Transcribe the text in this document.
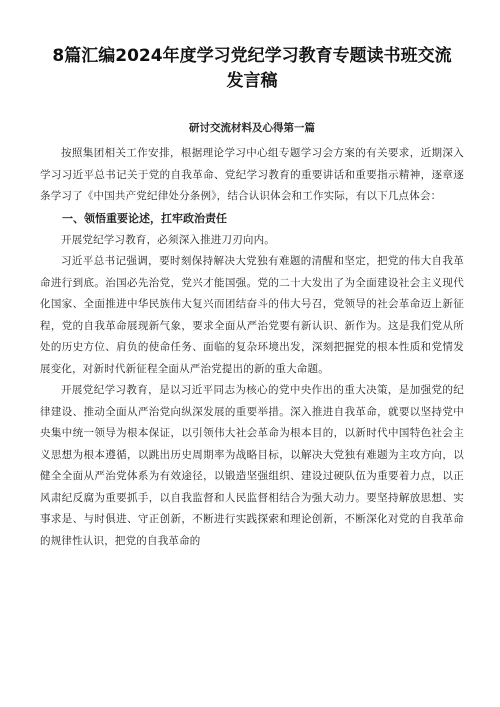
8篇汇编2024年度学习党纪学习教育专题读书班交流
发言稿

研讨交流材料及心得第一篇

按照集团相关工作安排，根据理论学习中心组专题学习会方案的有关要求，近期深入学习习近平总书记关于党的自我革命、党纪学习教育的重要讲话和重要指示精神，逐章逐条学习了《中国共产党纪律处分条例》，结合认识体会和工作实际，有以下几点体会：

一、领悟重要论述，扛牢政治责任

开展党纪学习教育，必须深入推进刀刃向内。

习近平总书记强调，要时刻保持解决大党独有难题的清醒和坚定，把党的伟大自我革命进行到底。治国必先治党，党兴才能国强。党的二十大发出了为全面建设社会主义现代化国家、全面推进中华民族伟大复兴而团结奋斗的伟大号召，党领导的社会革命迈上新征程，党的自我革命展现新气象，要求全面从严治党要有新认识、新作为。这是我们党从所处的历史方位、肩负的使命任务、面临的复杂环境出发，深刻把握党的根本性质和党情发展变化，对新时代新征程全面从严治党提出的新的重大命题。

开展党纪学习教育，是以习近平同志为核心的党中央作出的重大决策，是加强党的纪律建设、推动全面从严治党向纵深发展的重要举措。深入推进自我革命，就要以坚持党中央集中统一领导为根本保证，以引领伟大社会革命为根本目的，以新时代中国特色社会主义思想为根本遵循，以跳出历史周期率为战略目标，以解决大党独有难题为主攻方向，以健全全面从严治党体系为有效途径，以锻造坚强组织、建设过硬队伍为重要着力点，以正风肃纪反腐为重要抓手，以自我监督和人民监督相结合为强大动力。要坚持解放思想、实事求是、与时俱进、守正创新，不断进行实践探索和理论创新，不断深化对党的自我革命的规律性认识，把党的自我革命的
